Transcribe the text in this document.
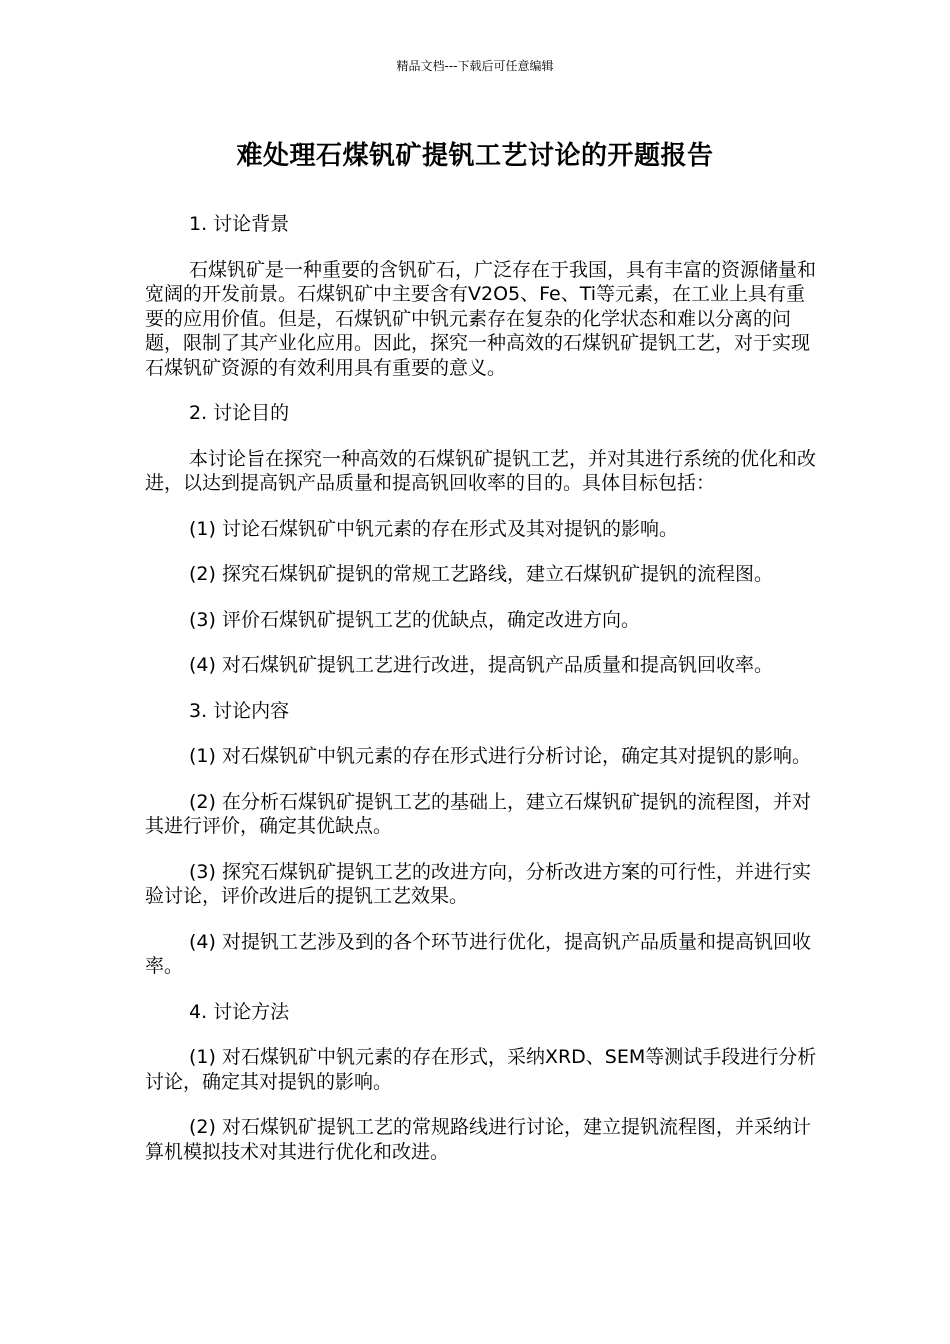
精品文档---下载后可任意编辑
难处理石煤钒矿提钒工艺讨论的开题报告
1. 讨论背景
石煤钒矿是一种重要的含钒矿石，广泛存在于我国，具有丰富的资源储量和宽阔的开发前景。石煤钒矿中主要含有V2O5、Fe、Ti等元素，在工业上具有重要的应用价值。但是，石煤钒矿中钒元素存在复杂的化学状态和难以分离的问题，限制了其产业化应用。因此，探究一种高效的石煤钒矿提钒工艺，对于实现石煤钒矿资源的有效利用具有重要的意义。
2. 讨论目的
本讨论旨在探究一种高效的石煤钒矿提钒工艺，并对其进行系统的优化和改进，以达到提高钒产品质量和提高钒回收率的目的。具体目标包括：
(1) 讨论石煤钒矿中钒元素的存在形式及其对提钒的影响。
(2) 探究石煤钒矿提钒的常规工艺路线，建立石煤钒矿提钒的流程图。
(3) 评价石煤钒矿提钒工艺的优缺点，确定改进方向。
(4) 对石煤钒矿提钒工艺进行改进，提高钒产品质量和提高钒回收率。
3. 讨论内容
(1) 对石煤钒矿中钒元素的存在形式进行分析讨论，确定其对提钒的影响。
(2) 在分析石煤钒矿提钒工艺的基础上，建立石煤钒矿提钒的流程图，并对其进行评价，确定其优缺点。
(3) 探究石煤钒矿提钒工艺的改进方向，分析改进方案的可行性，并进行实验讨论，评价改进后的提钒工艺效果。
(4) 对提钒工艺涉及到的各个环节进行优化，提高钒产品质量和提高钒回收率。
4. 讨论方法
(1) 对石煤钒矿中钒元素的存在形式，采纳XRD、SEM等测试手段进行分析讨论，确定其对提钒的影响。
(2) 对石煤钒矿提钒工艺的常规路线进行讨论，建立提钒流程图，并采纳计算机模拟技术对其进行优化和改进。
